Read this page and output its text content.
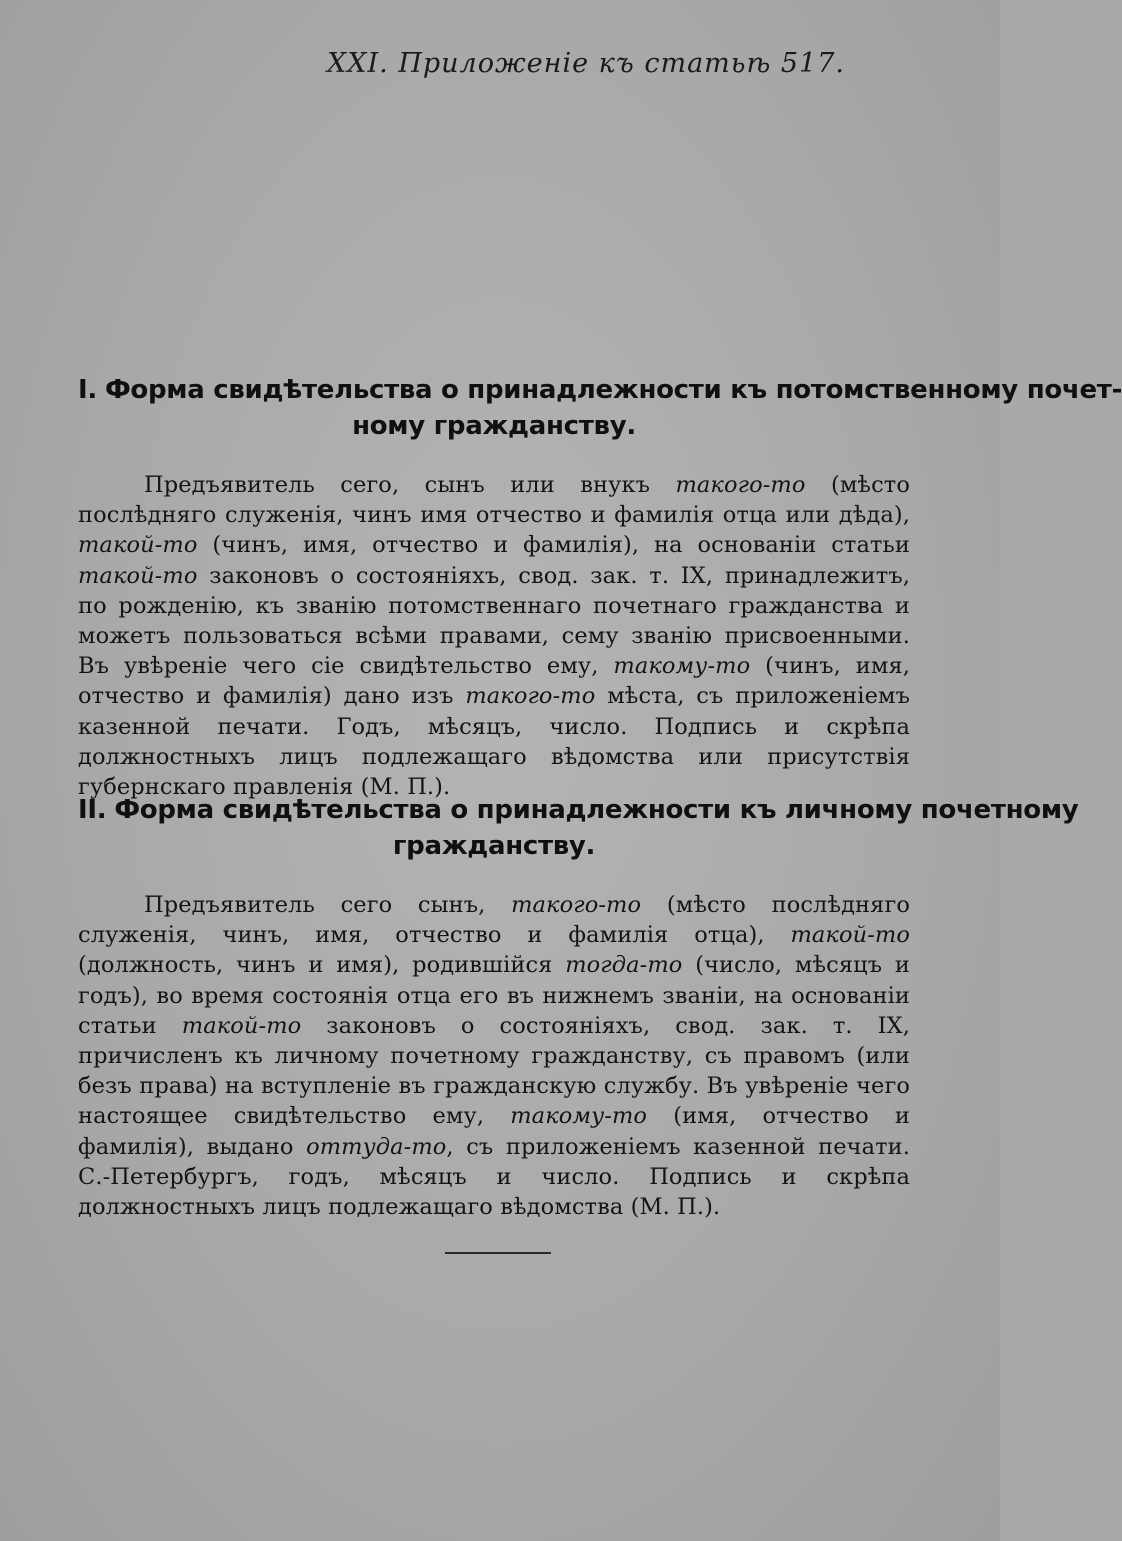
XXI. Приложеніе къ статьѣ 517.
I. Форма свидѣтельства о принадлежности къ потомственному почет-
ному гражданству.
Предъявитель сего, сынъ или внукъ такого-то (мѣсто послѣдняго служенія, чинъ имя отчество и фамилія отца или дѣда), такой-то (чинъ, имя, отчество и фамилія), на основаніи статьи такой-то законовъ о состояніяхъ, свод. зак. т. IX, принадлежитъ, по рожденію, къ званію потомственнаго почетнаго гражданства и можетъ пользоваться всѣми правами, сему званію присвоенными. Въ увѣреніе чего сіе свидѣтельство ему, такому-то (чинъ, имя, отчество и фамилія) дано изъ такого-то мѣста, съ приложеніемъ казенной печати. Годъ, мѣсяцъ, число. Подпись и скрѣпа должностныхъ лицъ подлежащаго вѣдомства или присутствія губернскаго правленія (М. П.).
II. Форма свидѣтельства о принадлежности къ личному почетному
гражданству.
Предъявитель сего сынъ, такого-то (мѣсто послѣдняго служенія, чинъ, имя, отчество и фамилія отца), такой-то (должность, чинъ и имя), родившійся тогда-то (число, мѣсяцъ и годъ), во время состоянія отца его въ нижнемъ званіи, на основаніи статьи такой-то законовъ о состояніяхъ, свод. зак. т. IX, причисленъ къ личному почетному гражданству, съ правомъ (или безъ права) на вступленіе въ гражданскую службу. Въ увѣреніе чего настоящее свидѣтельство ему, такому-то (имя, отчество и фамилія), выдано оттуда-то, съ приложеніемъ казенной печати. С.-Петербургъ, годъ, мѣсяцъ и число. Подпись и скрѣпа должностныхъ лицъ подлежащаго вѣдомства (М. П.).
